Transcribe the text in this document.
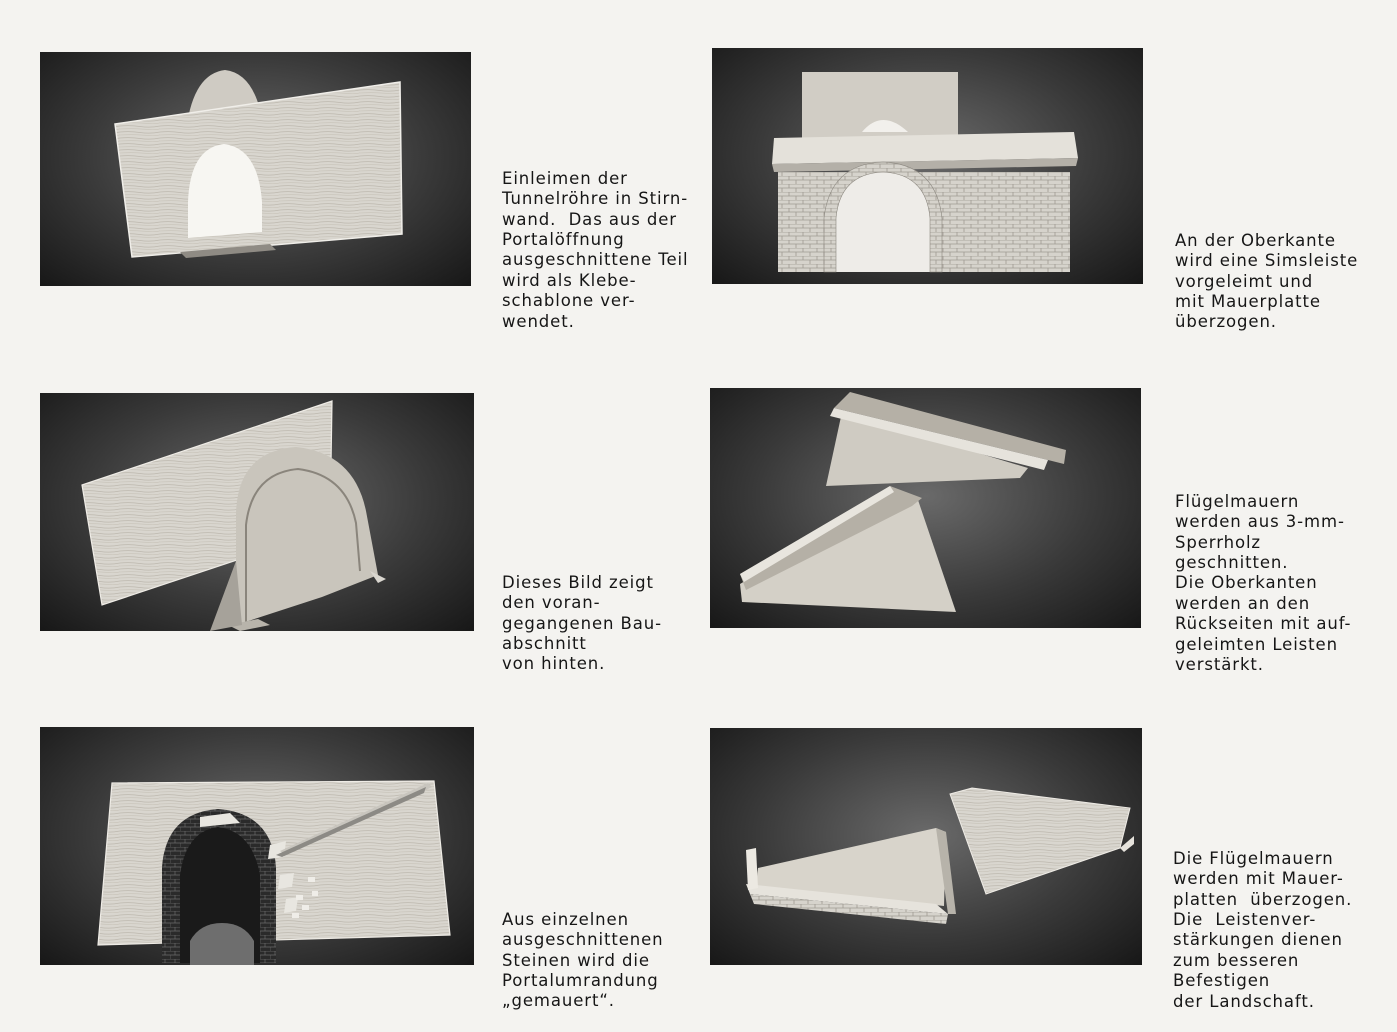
Einleimen der
Tunnelröhre in Stirn-
wand.  Das aus der
Portalöffnung
ausgeschnittene Teil
wird als Klebe-
schablone ver-
wendet.

An der Oberkante
wird eine Simsleiste
vorgeleimt und
mit Mauerplatte
überzogen.

Dieses Bild zeigt
den voran-
gegangenen Bau-
abschnitt
von hinten.

Flügelmauern
werden aus 3-mm-
Sperrholz
geschnitten.
Die Oberkanten
werden an den
Rückseiten mit auf-
geleimten Leisten
verstärkt.

Aus einzelnen
ausgeschnittenen
Steinen wird die
Portalumrandung
„gemauert“.

Die Flügelmauern
werden mit Mauer-
platten  überzogen.
Die  Leistenver-
stärkungen dienen
zum besseren
Befestigen
der Landschaft.
